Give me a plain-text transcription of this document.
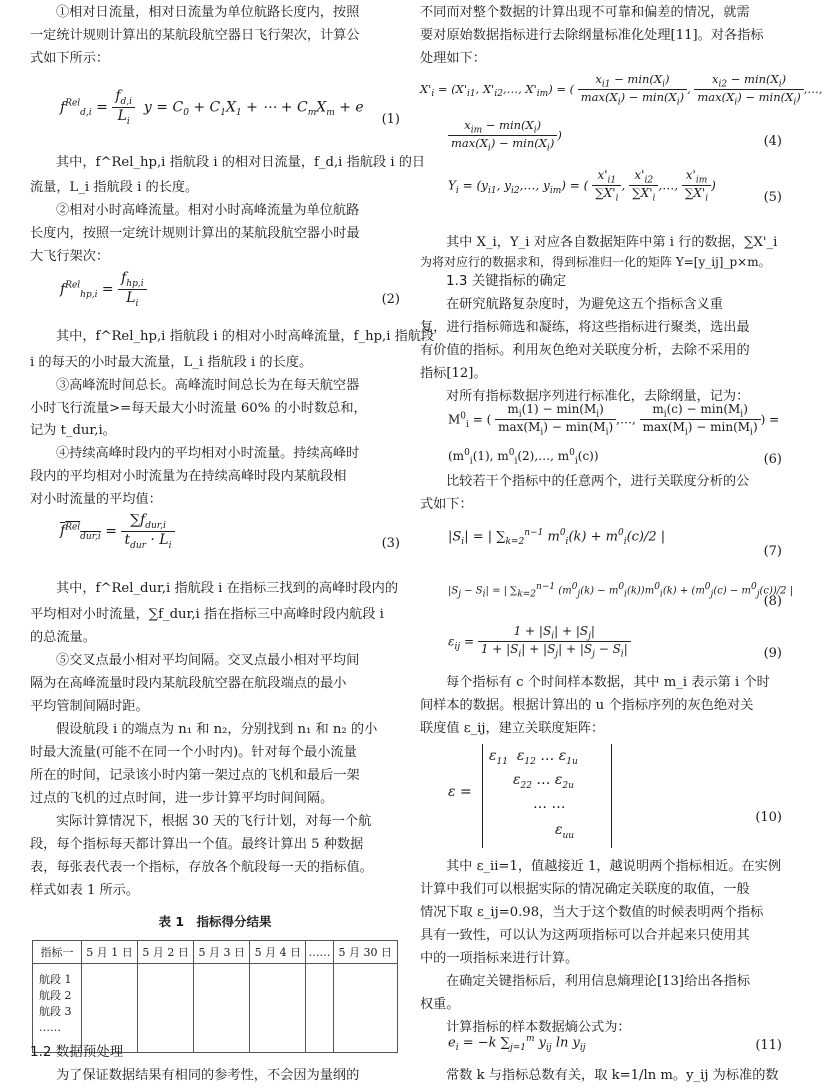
①相对日流量，相对日流量为单位航路长度内，按照
一定统计规则计算出的某航段航空器日飞行架次，计算公
式如下所示：
$f^{Rel}_{d,i} = \frac{f_{d,i}}{L_i}$ $y = C_0 + C_1X_1$ + ⋯ + $C_mX_m + e$
(1)
其中，f^Rel_hp,i 指航段 i 的相对日流量，f_d,i 指航段 i 的日
流量，L_i 指航段 i 的长度。
②相对小时高峰流量。相对小时高峰流量为单位航路
长度内，按照一定统计规则计算出的某航段航空器小时最
大飞行架次：
$f^{Rel}_{hp,i} = \frac{f_{hp,i}}{L_i}$	(2)
其中，f^Rel_hp,i 指航段 i 的相对小时高峰流量，f_hp,i 指航段
i 的每天的小时最大流量，L_i 指航段 i 的长度。
③高峰流时间总长。高峰流时间总长为在每天航空器
小时飞行流量>=每天最大小时流量 60% 的小时数总和，
记为 t_dur,i。
④持续高峰时段内的平均相对小时流量。持续高峰时
段内的平均相对小时流量为在持续高峰时段内某航段相
对小时流量的平均值：
$f^{Rel}_{dur,i} = \frac{\sum f_{dur,i}}{t_{dur} \cdot L_i}$	(3)
其中，f^Rel_dur,i 指航段 i 在指标三找到的高峰时段内的
平均相对小时流量，∑f_dur,i 指在指标三中高峰时段内航段 i
的总流量。
⑤交叉点最小相对平均间隔。交叉点最小相对平均间
隔为在高峰流量时段内某航段航空器在航段端点的最小
平均管制间隔时距。
假设航段 i 的端点为 n₁ 和 n₂，分别找到 n₁ 和 n₂ 的小
时最大流量(可能不在同一个小时内)。针对每个最小流量
所在的时间，记录该小时内第一架过点的飞机和最后一架
过点的飞机的过点时间，进一步计算平均时间间隔。
实际计算情况下，根据 30 天的飞行计划，对每一个航
段，每个指标每天都计算出一个值。最终计算出 5 种数据
表，每张表代表一个指标，存放各个航段每一天的指标值。
样式如表 1 所示。
表 1　指标得分结果
指标一	5 月 1 日	5 月 2 日	5 月 3 日	5 月 4 日	……	5 月 30 日

航段 1
航段 2
航段 3
……						

1.2 数据预处理
为了保证数据结果有相同的参考性，不会因为量纲的
不同而对整个数据的计算出现不可靠和偏差的情况，就需
要对原始数据指标进行去除纲量标准化处理[11]。对各指标
处理如下：
$X'_i = (X'_{i1}$, $X'_{i2},\dots$, $X'_{im}$) = ( $\frac{x_{i1} - \min(X_i)}{\max(X_i) - \min(X_i)}$ , $\frac{x_{i2} - \min(X_i)}{\max(X_i) - \min(X_i)}$ ,…,
$\frac{x_{im} - \min(X_i)}{\max(X_i) - \min(X_i)}$ )	(4)
$Y_i = (y_{i1}$, $y_{i2},\dots$, $y_{im}$) = ( $\frac{x'_{i1}}{\sum X'_i}$ , $\frac{x'_{i2}}{\sum X'_i}$ ,…, $\frac{x'_{im}}{\sum X'_i}$ )
(5)
其中 X_i，Y_i 对应各自数据矩阵中第 i 行的数据，∑X'_i
为将对应行的数据求和，得到标准归一化的矩阵 Y=[y_ij]_p×m。
1.3 关键指标的确定
在研究航路复杂度时，为避免这五个指标含义重
复，进行指标筛选和凝练，将这些指标进行聚类，选出最
有价值的指标。利用灰色绝对关联度分析，去除不采用的
指标[12]。
对所有指标数据序列进行标准化，去除纲量，记为：
$M^0_i$ = ( $\frac{m_i(1) - \min(M_i)}{\max(M_i) - \min(M_i)}$ ,…, $\frac{m_i(c) - \min(M_i)}{\max(M_i) - \min(M_i)}$ ) =
($m^0_i(1)$, $m^0_i(2),\dots$, $m^0_i(c)$)	(6)
比较若干个指标中的任意两个，进行关联度分析的公
式如下：
$|S_i|$ = | $\sum_{k=2}^{n-1}$ $m^0_i(k) + m^0_i(c)/2$ |
(7)
$|S_j - S_i|$ = | $\sum_{k=2}^{n-1}$ $(m^0_j(k) - m^0_i(k))m^0_i(k) + (m^0_j(c) - m^0_j(c))/2$ |
(8)
$\varepsilon_{ij} = \frac{1 + |S_i| + |S_j|}{1 + |S_i| + |S_j| + |S_j - S_i|}$	(9)
每个指标有 c 个时间样本数据，其中 m_i 表示第 i 个时
间样本的数据。根据计算出的 u 个指标序列的灰色绝对关
联度值 ε_ij，建立关联度矩阵：
ε =
$\varepsilon_{11}$  $\varepsilon_{12}$ … $\varepsilon_{1u}$
$\varepsilon_{22}$ … $\varepsilon_{2u}$
… …
$\varepsilon_{uu}$
(10)
其中 ε_ii=1，值越接近 1，越说明两个指标相近。在实例
计算中我们可以根据实际的情况确定关联度的取值，一般
情况下取 ε_ij=0.98，当大于这个数值的时候表明两个指标
具有一致性，可以认为这两项指标可以合并起来只使用其
中的一项指标来进行计算。
在确定关键指标后，利用信息熵理论[13]给出各指标
权重。
计算指标的样本数据熵公式为：
$e_i = -k$ $\sum_{j=1}^m$ $y_{ij}$ $\ln y_{ij}$	(11)
常数 k 与指标总数有关，取 k=1/ln m。y_ij 为标准的数
